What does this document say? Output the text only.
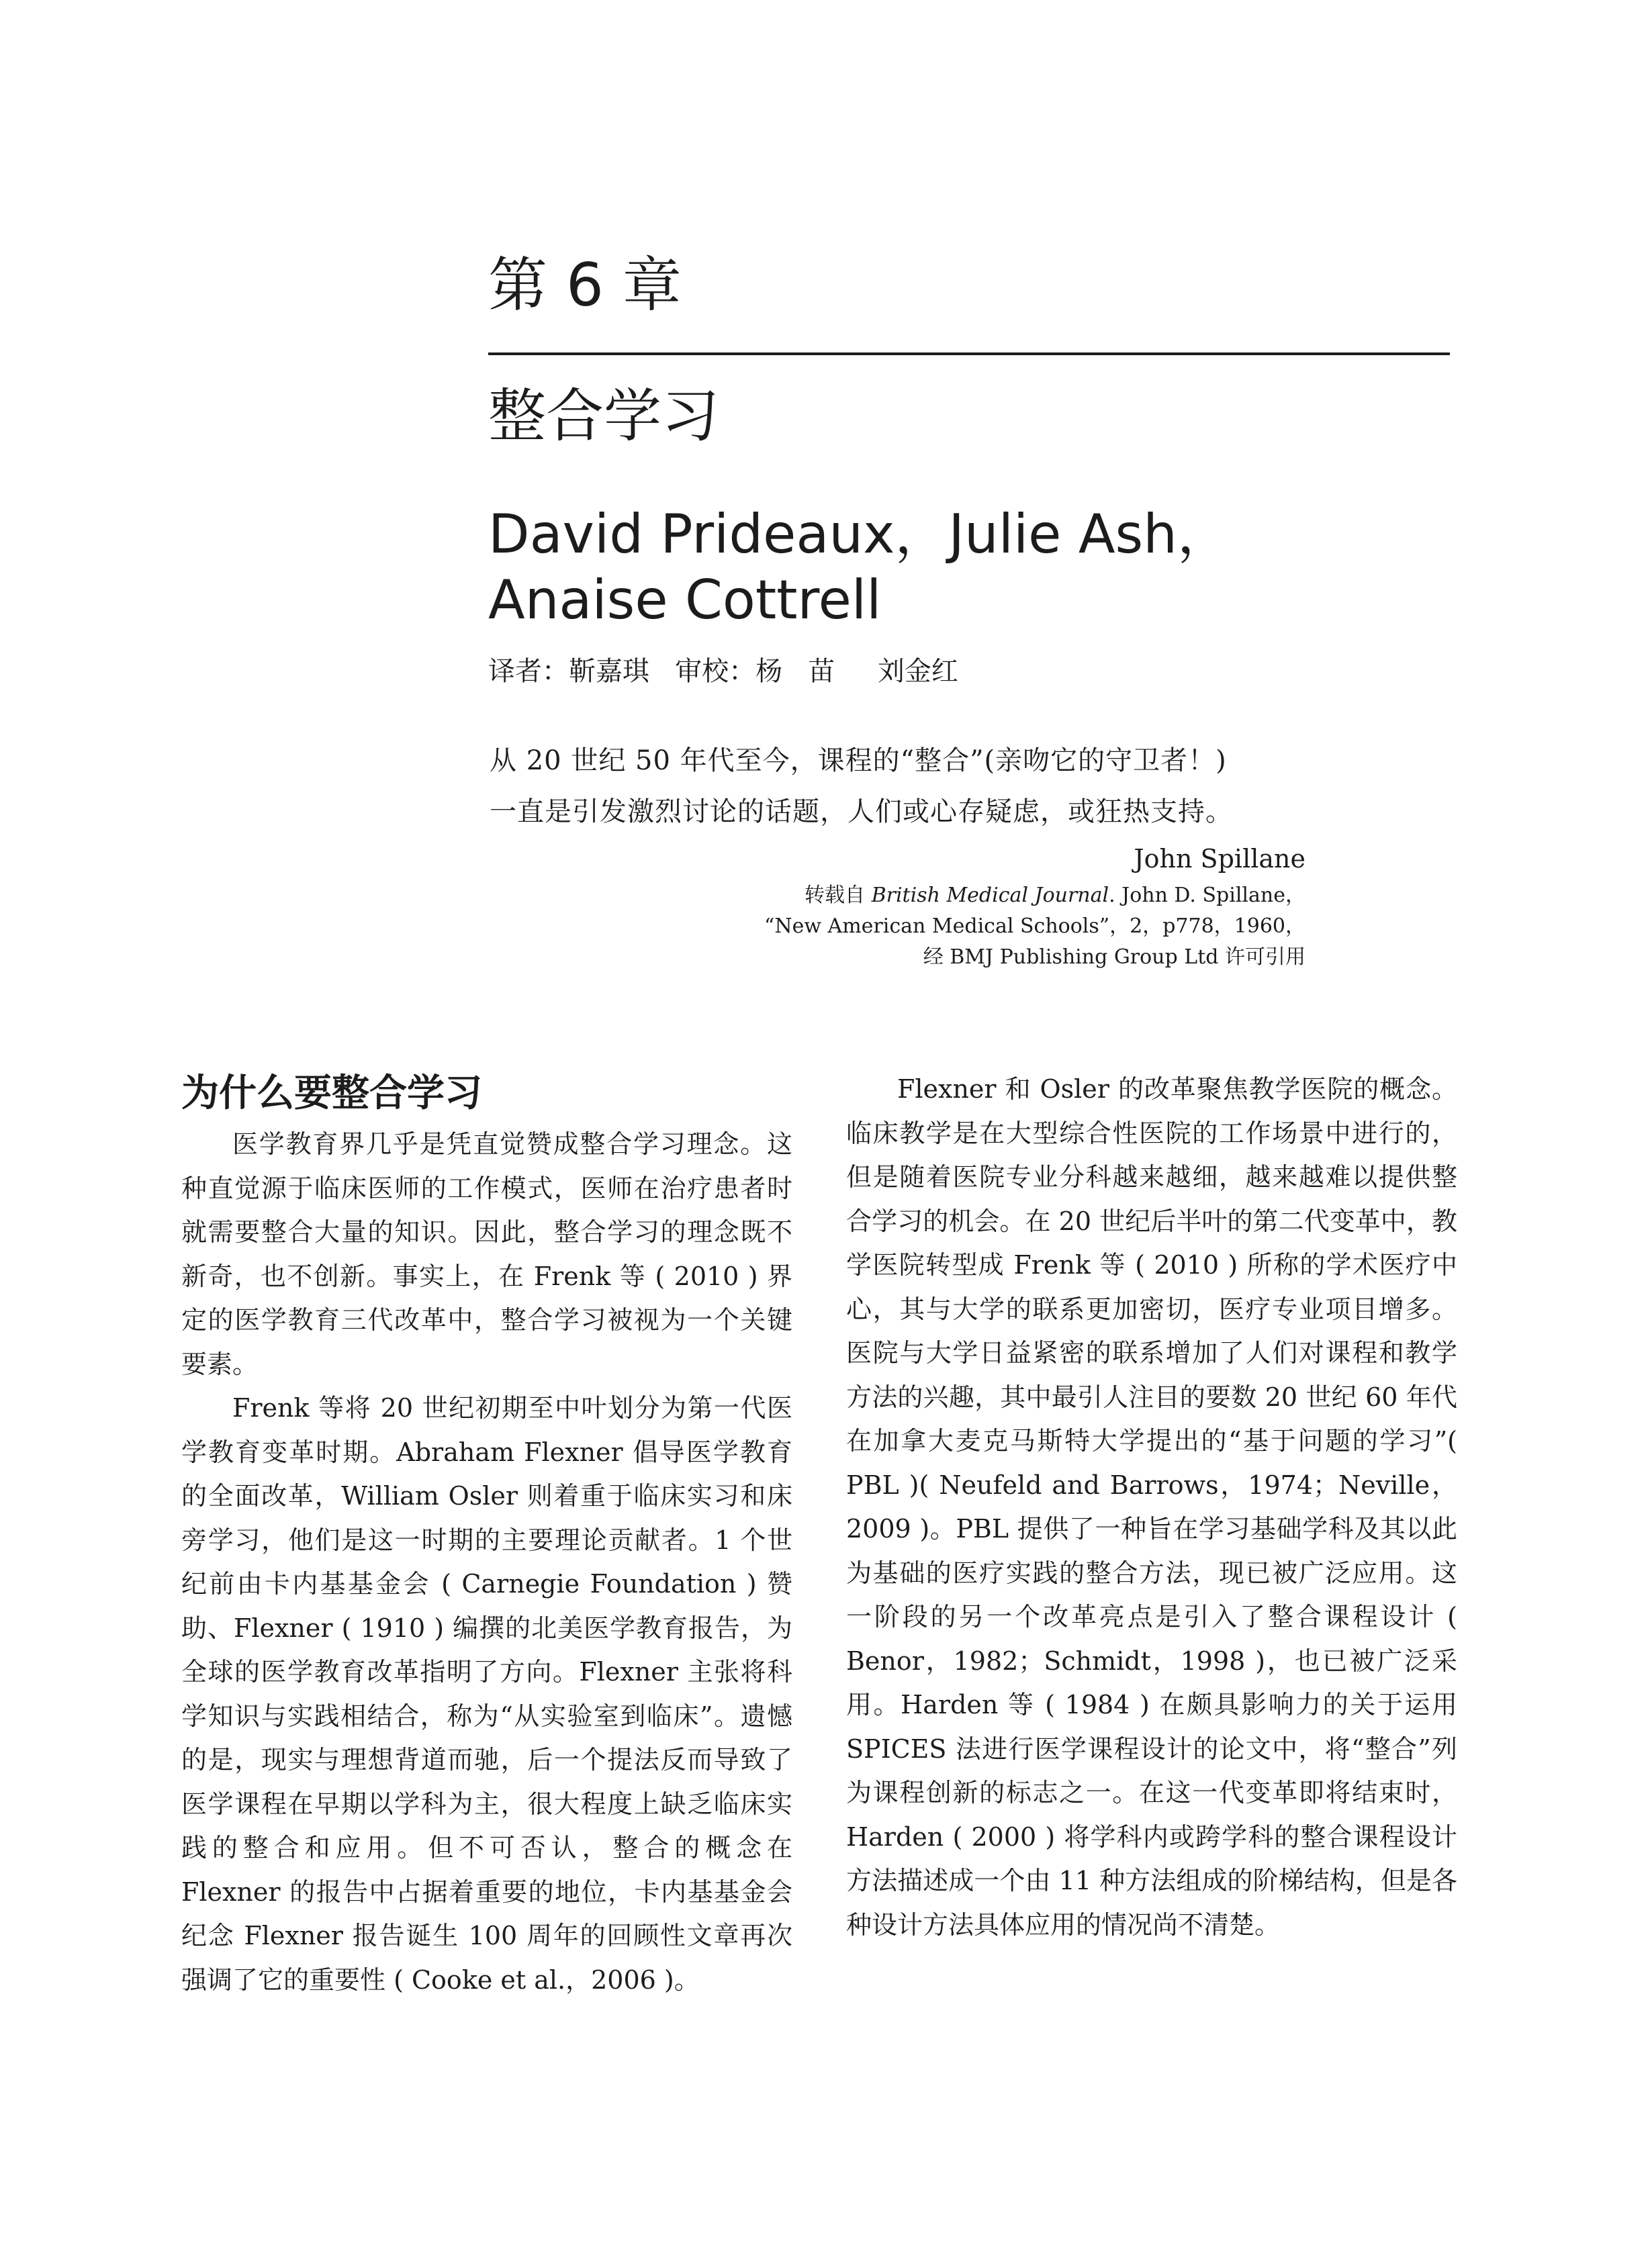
第 6 章
整合学习
David Prideaux，Julie Ash，
Anaise Cottrell
译者：靳嘉琪   审校：杨   苗     刘金红
从 20 世纪 50 年代至今，课程的“整合”(亲吻它的守卫者！)
一直是引发激烈讨论的话题，人们或心存疑虑，或狂热支持。
John Spillane
转载自 British Medical Journal. John D. Spillane，
“New American Medical Schools”，2，p778，1960，
经 BMJ Publishing Group Ltd 许可引用
为什么要整合学习

医学教育界几乎是凭直觉赞成整合学习理念。这种直觉源于临床医师的工作模式，医师在治疗患者时就需要整合大量的知识。因此，整合学习的理念既不新奇，也不创新。事实上，在 Frenk 等 ( 2010 ) 界定的医学教育三代改革中，整合学习被视为一个关键要素。

Frenk 等将 20 世纪初期至中叶划分为第一代医学教育变革时期。Abraham Flexner 倡导医学教育的全面改革，William Osler 则着重于临床实习和床旁学习，他们是这一时期的主要理论贡献者。1 个世纪前由卡内基基金会 ( Carnegie Foundation ) 赞助、Flexner ( 1910 ) 编撰的北美医学教育报告，为全球的医学教育改革指明了方向。Flexner 主张将科学知识与实践相结合，称为“从实验室到临床”。遗憾的是，现实与理想背道而驰，后一个提法反而导致了医学课程在早期以学科为主，很大程度上缺乏临床实践的整合和应用。但不可否认，整合的概念在 Flexner 的报告中占据着重要的地位，卡内基基金会纪念 Flexner 报告诞生 100 周年的回顾性文章再次强调了它的重要性 ( Cooke et al.，2006 )。

Flexner 和 Osler 的改革聚焦教学医院的概念。临床教学是在大型综合性医院的工作场景中进行的，但是随着医院专业分科越来越细，越来越难以提供整合学习的机会。在 20 世纪后半叶的第二代变革中，教学医院转型成 Frenk 等 ( 2010 ) 所称的学术医疗中心，其与大学的联系更加密切，医疗专业项目增多。医院与大学日益紧密的联系增加了人们对课程和教学方法的兴趣，其中最引人注目的要数 20 世纪 60 年代在加拿大麦克马斯特大学提出的“基于问题的学习”( PBL )( Neufeld and Barrows，1974；Neville，2009 )。PBL 提供了一种旨在学习基础学科及其以此为基础的医疗实践的整合方法，现已被广泛应用。这一阶段的另一个改革亮点是引入了整合课程设计 ( Benor，1982；Schmidt，1998 )，也已被广泛采用。Harden 等 ( 1984 ) 在颇具影响力的关于运用 SPICES 法进行医学课程设计的论文中，将“整合”列为课程创新的标志之一。在这一代变革即将结束时，Harden ( 2000 ) 将学科内或跨学科的整合课程设计方法描述成一个由 11 种方法组成的阶梯结构，但是各种设计方法具体应用的情况尚不清楚。
